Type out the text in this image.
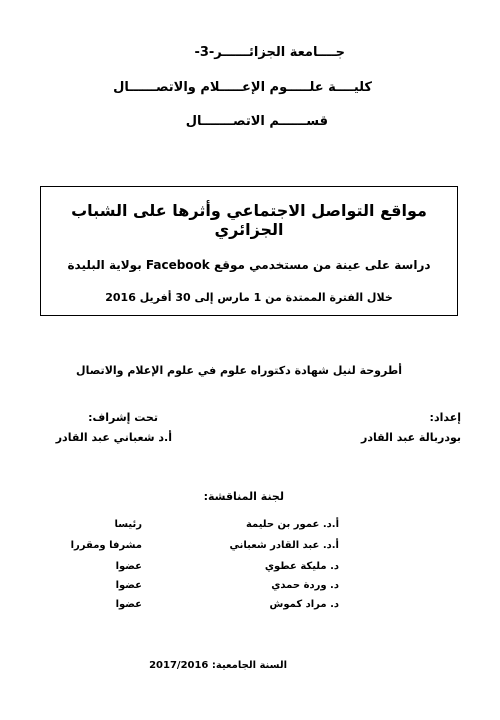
جــــامعة الجزائــــــر-3-
كليــــة علـــــوم الإعـــــلام والاتصــــــال
قســــــم الاتصـــــــال
مواقع التواصل الاجتماعي وأثرها على الشباب الجزائري
دراسة على عينة من مستخدمي موقع Facebook بولاية البليدة
خلال الفترة الممتدة من 1 مارس إلى 30 أفريل 2016
أطروحة لنيل شهادة دكتوراه علوم في علوم الإعلام والاتصال
إعداد:
بودربالة عبد القادر
تحت إشراف:
أ.د شعباني عبد القادر
لجنة المناقشة:
أ.د. عمور بن حليمة
رئيسا
أ.د. عبد القادر شعباني
مشرفا ومقررا
د. مليكة عطوي
عضوا
د. وردة حمدي
عضوا
د. مراد كموش
عضوا
السنة الجامعية: 2017/2016
